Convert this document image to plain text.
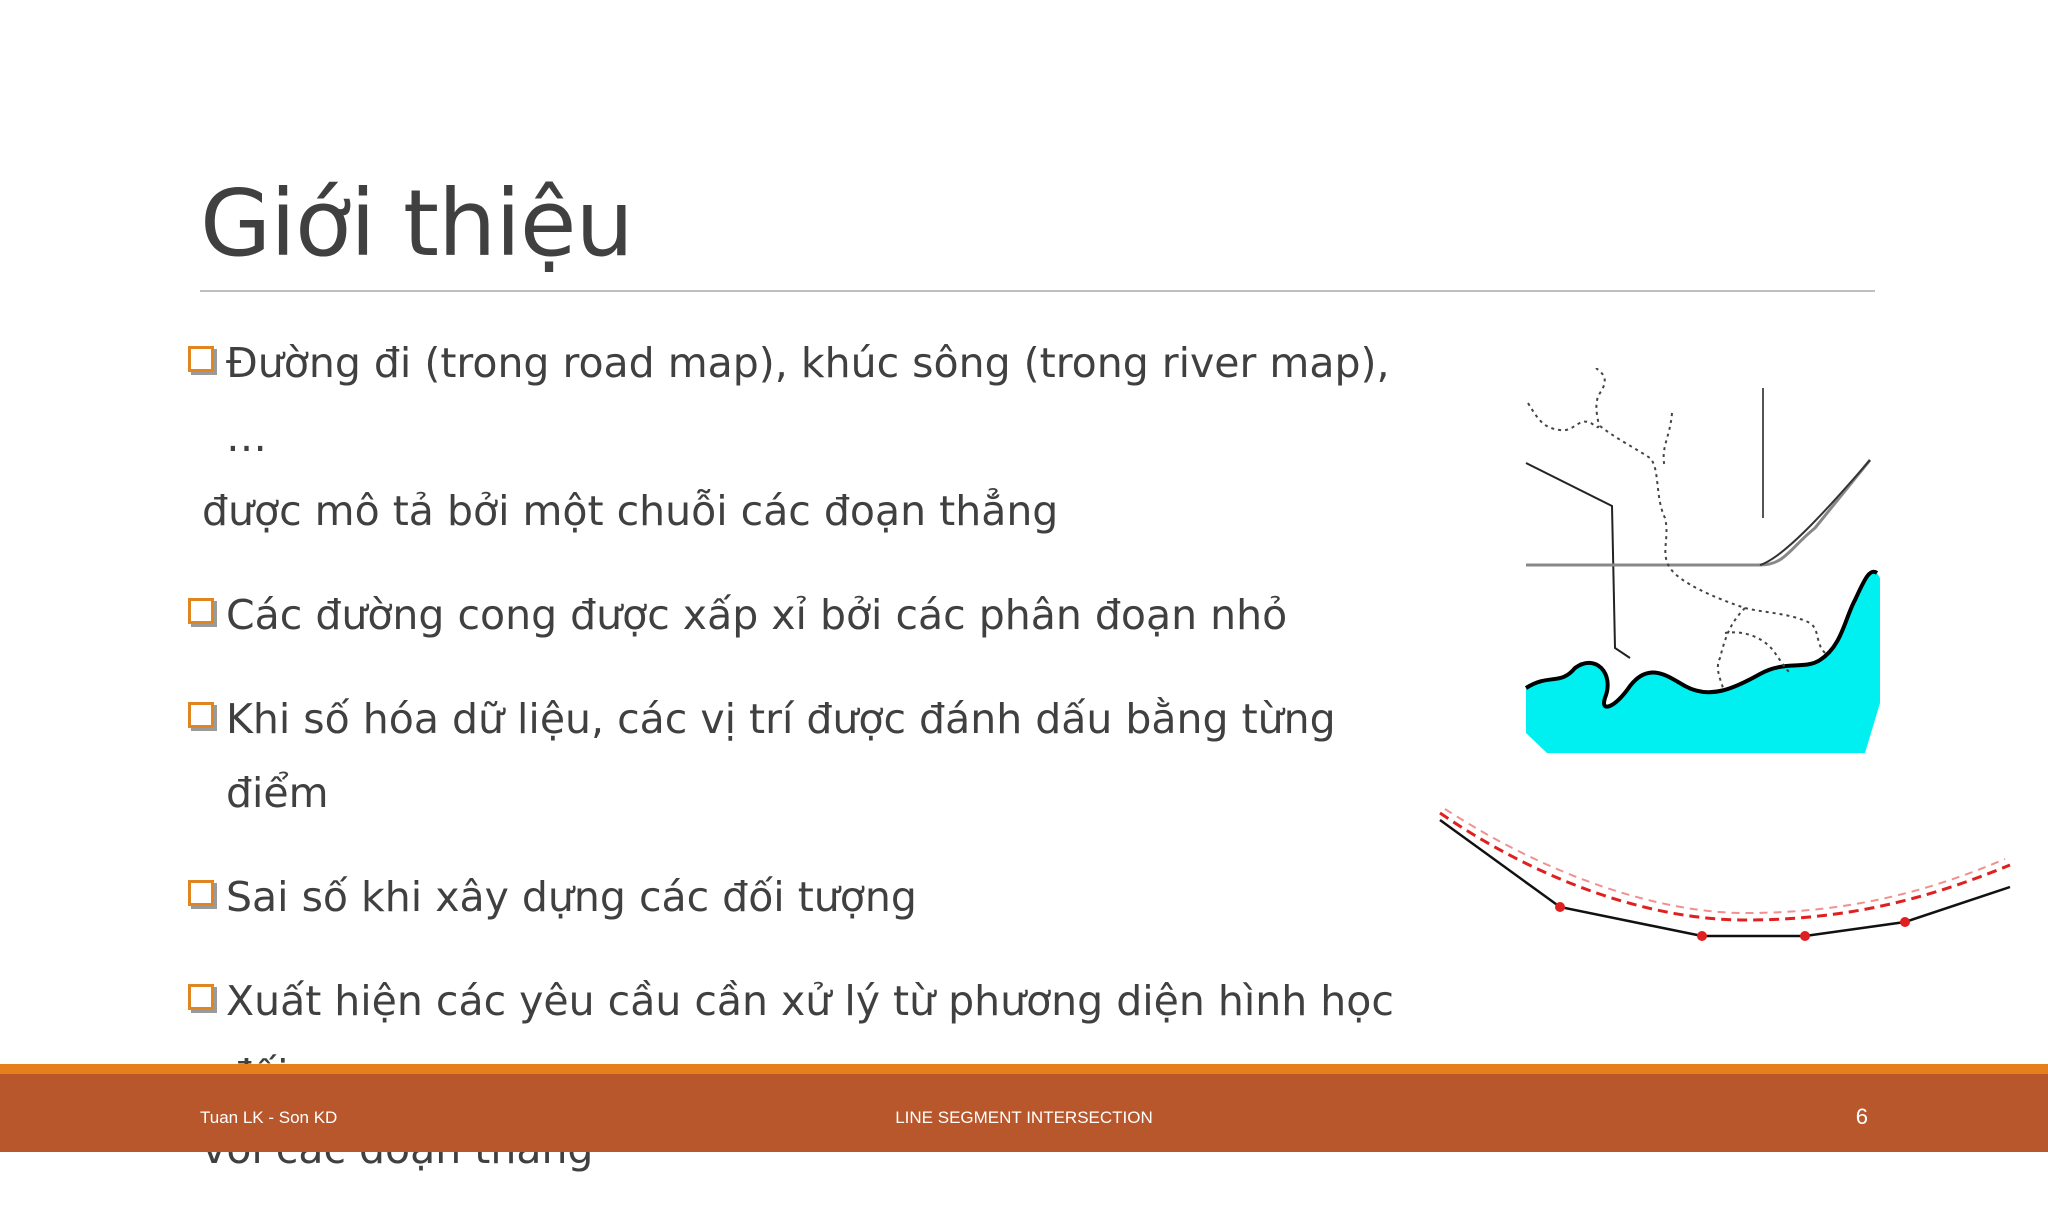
Giới thiệu
Đường đi (trong road map), khúc sông (trong river map), …
được mô tả bởi một chuỗi các đoạn thẳng
Các đường cong được xấp xỉ bởi các phân đoạn nhỏ
Khi số hóa dữ liệu, các vị trí được đánh dấu bằng từng điểm
Sai số khi xây dựng các đối tượng
Xuất hiện các yêu cầu cần xử lý từ phương diện hình học
Tuan LK - Son KD	LINE SEGMENT INTERSECTION	6
